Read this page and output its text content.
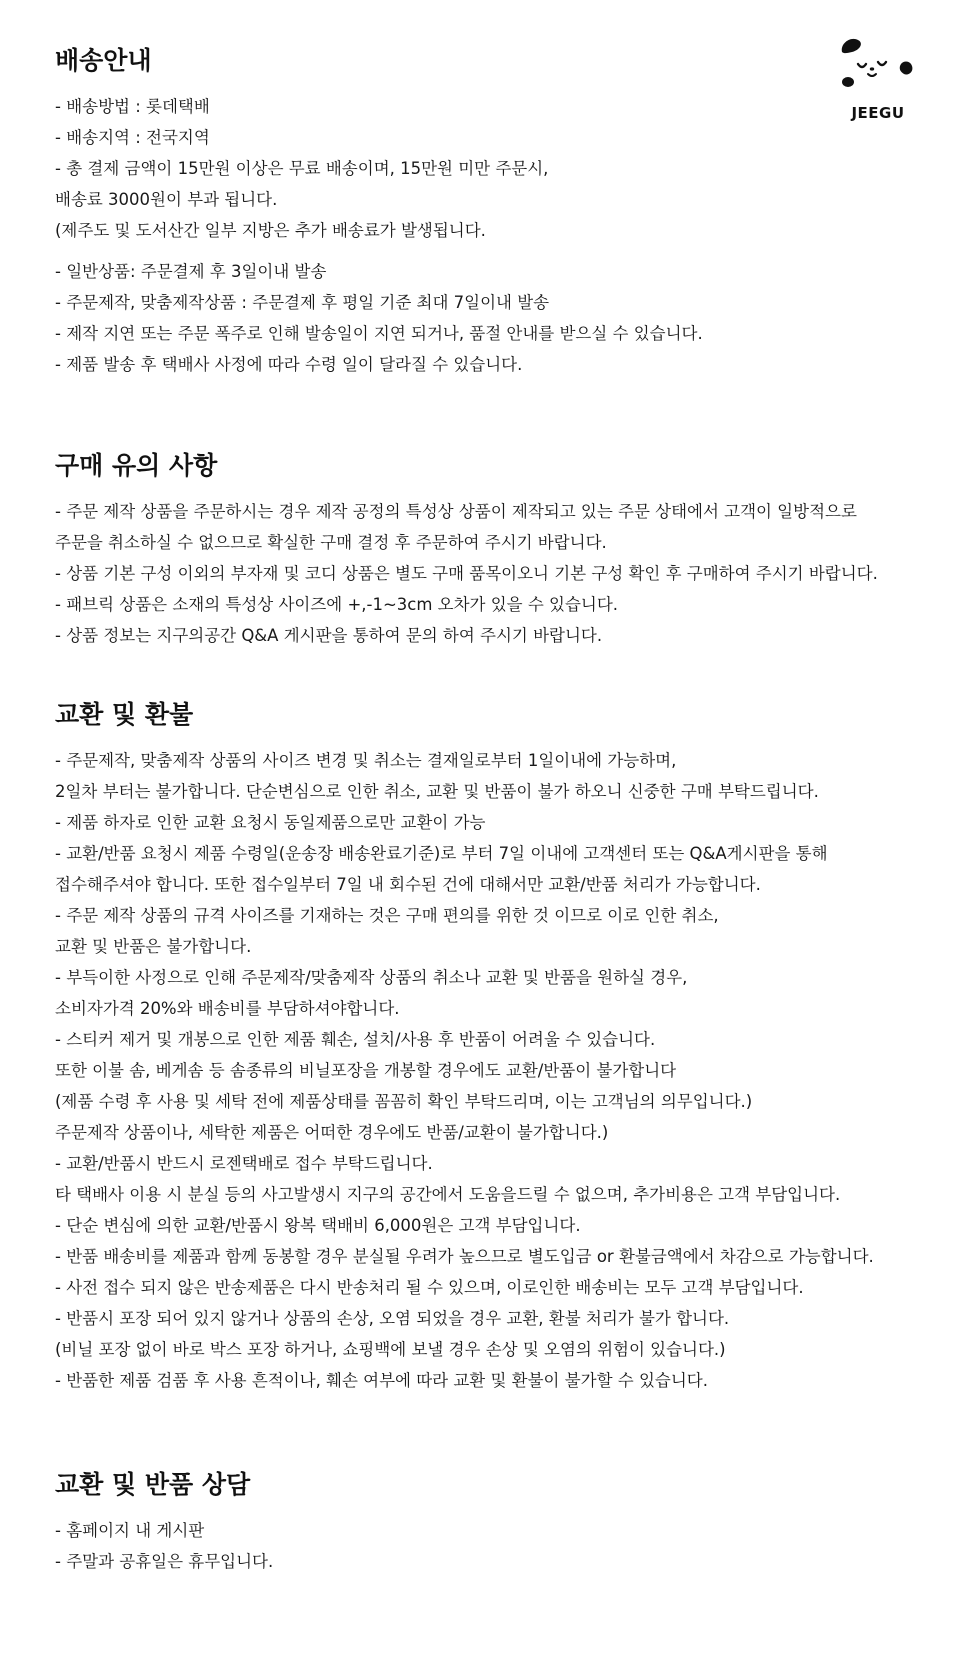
JEEGU
배송안내
- 배송방법 : 롯데택배
- 배송지역 : 전국지역
- 총 결제 금액이 15만원 이상은 무료 배송이며, 15만원 미만 주문시,
배송료 3000원이 부과 됩니다.
(제주도 및 도서산간 일부 지방은 추가 배송료가 발생됩니다.
- 일반상품: 주문결제 후 3일이내 발송
- 주문제작, 맞춤제작상품 : 주문결제 후 평일 기준 최대 7일이내 발송
- 제작 지연 또는 주문 폭주로 인해 발송일이 지연 되거나, 품절 안내를 받으실 수 있습니다.
- 제품 발송 후 택배사 사정에 따라 수령 일이 달라질 수 있습니다.
구매 유의 사항
- 주문 제작 상품을 주문하시는 경우 제작 공정의 특성상 상품이 제작되고 있는 주문 상태에서 고객이 일방적으로
주문을 취소하실 수 없으므로 확실한 구매 결정 후 주문하여 주시기 바랍니다.
- 상품 기본 구성 이외의 부자재 및 코디 상품은 별도 구매 품목이오니 기본 구성 확인 후 구매하여 주시기 바랍니다.
- 패브릭 상품은 소재의 특성상 사이즈에 +,-1~3cm 오차가 있을 수 있습니다.
- 상품 정보는 지구의공간 Q&A 게시판을 통하여 문의 하여 주시기 바랍니다.
교환 및 환불
- 주문제작, 맞춤제작 상품의 사이즈 변경 및 취소는 결재일로부터 1일이내에 가능하며,
2일차 부터는 불가합니다. 단순변심으로 인한 취소, 교환 및 반품이 불가 하오니 신중한 구매 부탁드립니다.
- 제품 하자로 인한 교환 요청시 동일제품으로만 교환이 가능
- 교환/반품 요청시 제품 수령일(운송장 배송완료기준)로 부터 7일 이내에 고객센터 또는 Q&A게시판을 통해
접수해주셔야 합니다. 또한 접수일부터 7일 내 회수된 건에 대해서만 교환/반품 처리가 가능합니다.
- 주문 제작 상품의 규격 사이즈를 기재하는 것은 구매 편의를 위한 것 이므로 이로 인한 취소,
교환 및 반품은 불가합니다.
- 부득이한 사정으로 인해 주문제작/맞춤제작 상품의 취소나 교환 및 반품을 원하실 경우,
소비자가격 20%와 배송비를 부담하셔야합니다.
- 스티커 제거 및 개봉으로 인한 제품 훼손, 설치/사용 후 반품이 어려울 수 있습니다.
또한 이불 솜, 베게솜 등 솜종류의 비닐포장을 개봉할 경우에도 교환/반품이 불가합니다
(제품 수령 후 사용 및 세탁 전에 제품상태를 꼼꼼히 확인 부탁드리며, 이는 고객님의 의무입니다.)
주문제작 상품이나, 세탁한 제품은 어떠한 경우에도 반품/교환이 불가합니다.)
- 교환/반품시 반드시 로젠택배로 접수 부탁드립니다.
타 택배사 이용 시 분실 등의 사고발생시 지구의 공간에서 도움을드릴 수 없으며, 추가비용은 고객 부담입니다.
- 단순 변심에 의한 교환/반품시 왕복 택배비 6,000원은 고객 부담입니다.
- 반품 배송비를 제품과 함께 동봉할 경우 분실될 우려가 높으므로 별도입금 or 환불금액에서 차감으로 가능합니다.
- 사전 접수 되지 않은 반송제품은 다시 반송처리 될 수 있으며, 이로인한 배송비는 모두 고객 부담입니다.
- 반품시 포장 되어 있지 않거나 상품의 손상, 오염 되었을 경우 교환, 환불 처리가 불가 합니다.
(비닐 포장 없이 바로 박스 포장 하거나, 쇼핑백에 보낼 경우 손상 및 오염의 위험이 있습니다.)
- 반품한 제품 검품 후 사용 흔적이나, 훼손 여부에 따라 교환 및 환불이 불가할 수 있습니다.
교환 및 반품 상담
- 홈페이지 내 게시판
- 주말과 공휴일은 휴무입니다.
